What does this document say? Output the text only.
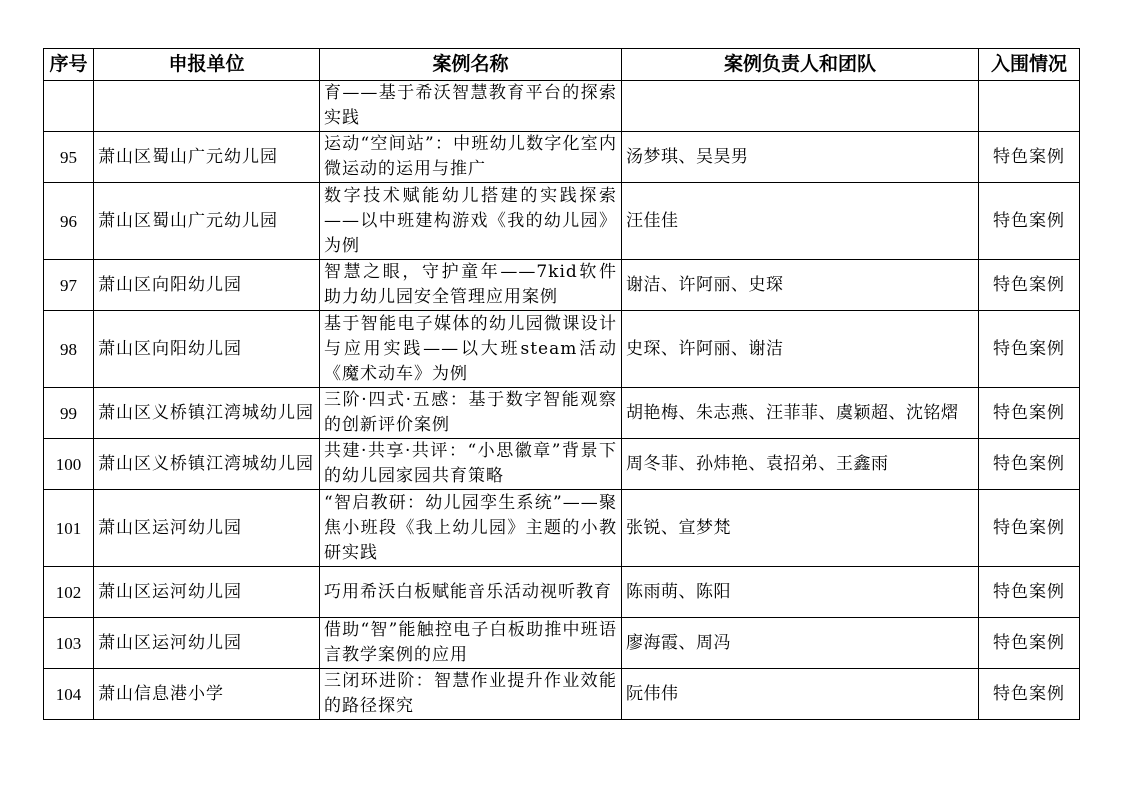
序号	申报单位	案例名称	案例负责人和团队	入围情况
		育——基于希沃智慧教育平台的探索实践		
95	萧山区蜀山广元幼儿园	运动“空间站”：中班幼儿数字化室内微运动的运用与推广	汤梦琪、吴昊男	特色案例
96	萧山区蜀山广元幼儿园	数字技术赋能幼儿搭建的实践探索——以中班建构游戏《我的幼儿园》为例	汪佳佳	特色案例
97	萧山区向阳幼儿园	智慧之眼，守护童年——7kid软件助力幼儿园安全管理应用案例	谢洁、许阿丽、史琛	特色案例
98	萧山区向阳幼儿园	基于智能电子媒体的幼儿园微课设计与应用实践——以大班steam活动《魔术动车》为例	史琛、许阿丽、谢洁	特色案例
99	萧山区义桥镇江湾城幼儿园	三阶·四式·五感：基于数字智能观察的创新评价案例	胡艳梅、朱志燕、汪菲菲、虞颖超、沈铭熠	特色案例
100	萧山区义桥镇江湾城幼儿园	共建·共享·共评：“小思徽章”背景下的幼儿园家园共育策略	周冬菲、孙炜艳、袁招弟、王鑫雨	特色案例
101	萧山区运河幼儿园	“智启教研：幼儿园孪生系统”——聚焦小班段《我上幼儿园》主题的小教研实践	张锐、宣梦梵	特色案例
102	萧山区运河幼儿园	巧用希沃白板赋能音乐活动视听教育	陈雨萌、陈阳	特色案例
103	萧山区运河幼儿园	借助“智”能触控电子白板助推中班语言教学案例的应用	廖海霞、周冯	特色案例
104	萧山信息港小学	三闭环进阶：智慧作业提升作业效能的路径探究	阮伟伟	特色案例
